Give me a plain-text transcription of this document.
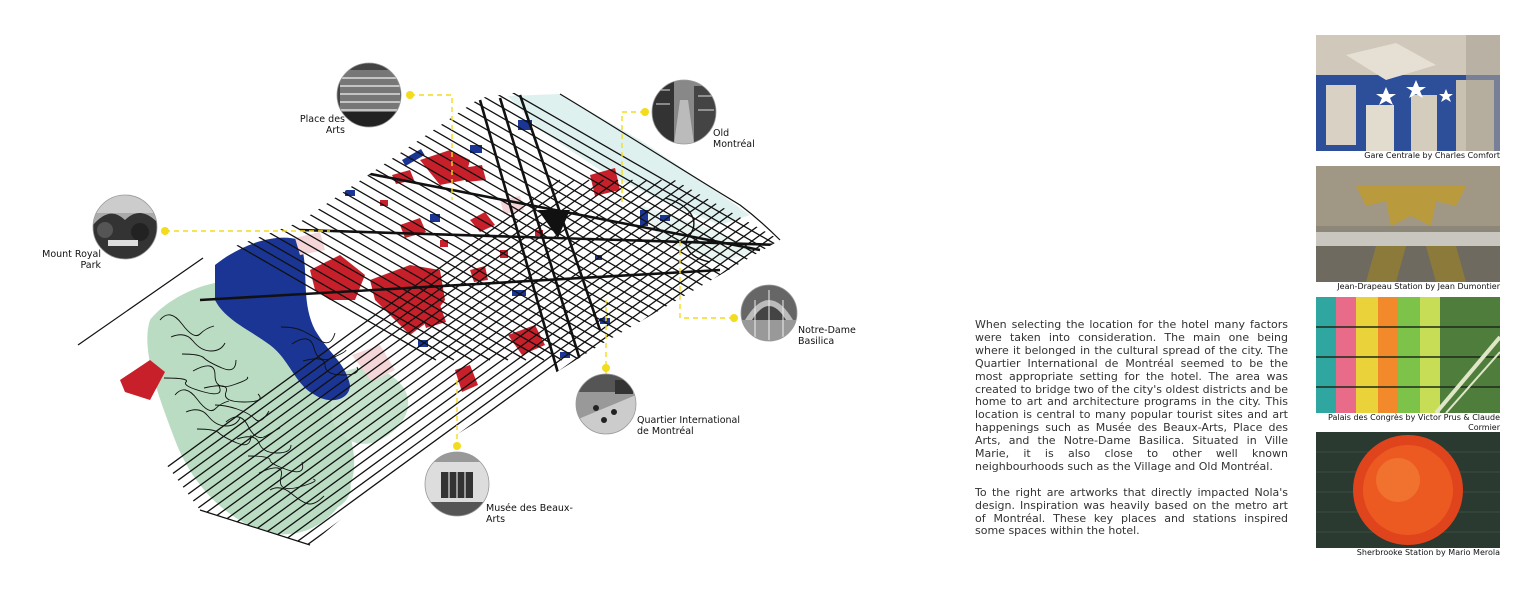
Place des
Arts	Old
Montréal
Mount Royal
Park
Notre-Dame
Basilica
Quartier International
de Montréal
Musée des Beaux-
Arts

When selecting the location for the hotel many factors were taken into consideration. The main one being where it belonged in the cultural spread of the city. The Quartier International de Montréal seemed to be the most appropriate setting for the hotel. The area was created to bridge two of the city's oldest districts and be home to art and architecture programs in the city. This location is central to many popular tourist sites and art happenings such as Musée des Beaux-Arts, Place des Arts, and the Notre-Dame Basilica. Situated in Ville Marie, it is also close to other well known neighbourhoods such as the Village and Old Montréal.

To the right are artworks that directly impacted Nola's design. Inspiration was heavily based on the metro art of Montréal. These key places and stations inspired some spaces within the hotel.

Gare Centrale by Charles Comfort
Jean-Drapeau Station by Jean Dumontier
Palais des Congrès by Victor Prus & Claude Cormier
Sherbrooke Station by Mario Merola
